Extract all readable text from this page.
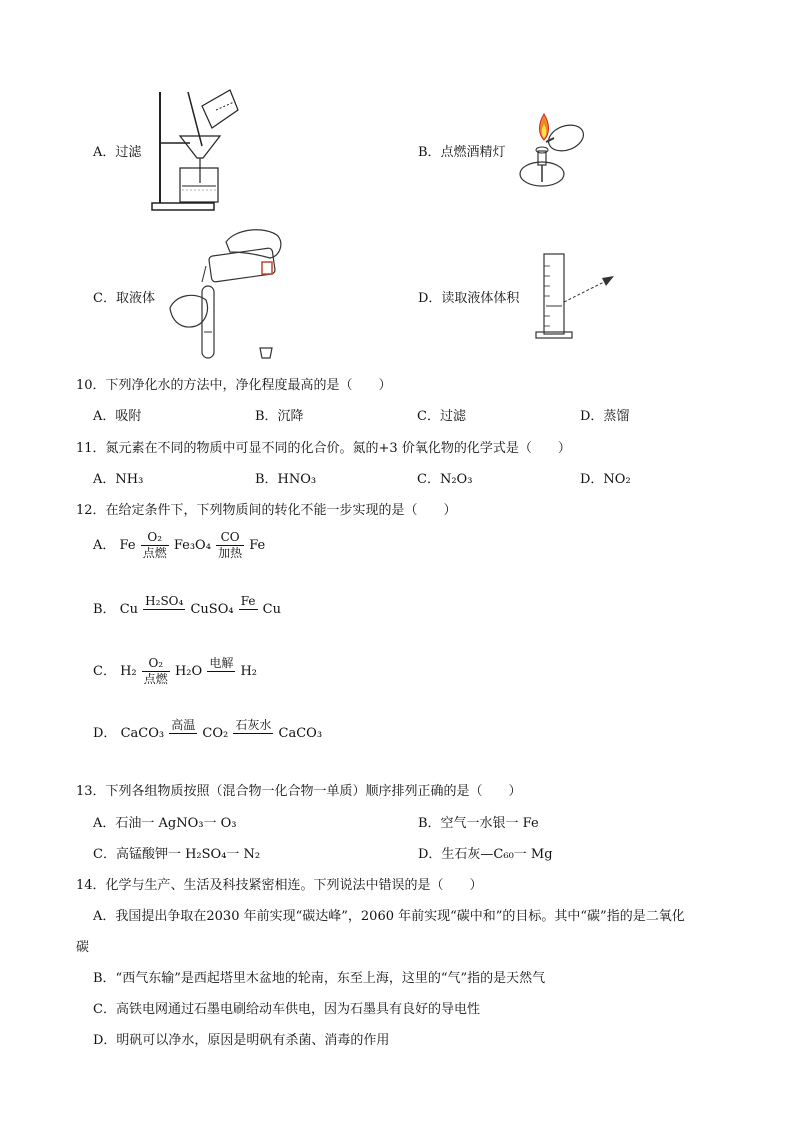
A．过滤	B．点燃酒精灯
C．取液体	D．读取液体体积
10．下列净化水的方法中，净化程度最高的是（　　）
A．吸附	B．沉降	C．过滤	D．蒸馏
11．氮元素在不同的物质中可显不同的化合价。氮的+3 价氧化物的化学式是（　　）
A．NH₃	B．HNO₃	C．N₂O₃	D．NO₂
12．在给定条件下，下列物质间的转化不能一步实现的是（　　）
A． Fe $\frac{\text{O₂}}{\text{点燃}} Fe_3O_4 \frac{CO}{\text{加热}}$ Fe
B． Cu
H₂SO₄
CuSO₄
Fe
Cu
C． $H_2 \frac{\text{O₂}}{\text{点燃}} H_2O$
电解
H₂
D． CaCO₃
高温
CO₂
石灰水
CaCO₃
13．下列各组物质按照（混合物一化合物一单质）顺序排列正确的是（　　）
A．石油一 AgNO₃一 O₃	B．空气一水银一 Fe
C．高锰酸钾一 H₂SO₄一 N₂	D．生石灰—C₆₀一 Mg
14．化学与生产、生活及科技紧密相连。下列说法中错误的是（　　）
A．我国提出争取在2030 年前实现“碳达峰”，2060 年前实现“碳中和”的目标。其中“碳”指的是二氧化
碳
B．“西气东输”是西起塔里木盆地的轮南，东至上海，这里的“气”指的是天然气
C．高铁电网通过石墨电刷给动车供电，因为石墨具有良好的导电性
D．明矾可以净水，原因是明矾有杀菌、消毒的作用
